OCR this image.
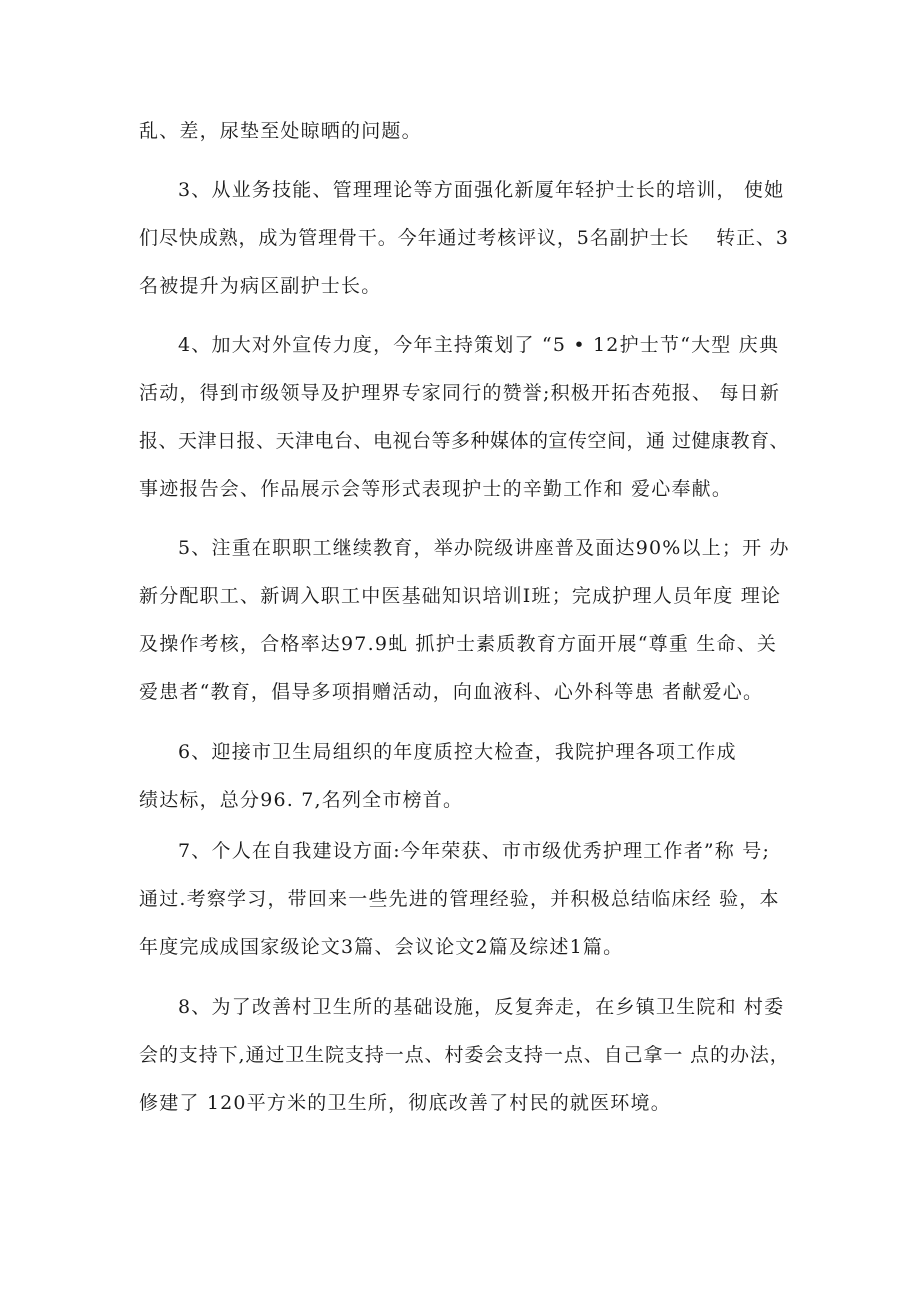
乱、差，尿垫至处晾晒的问题。
3、从业务技能、管理理论等方面强化新厦年轻护士长的培训， 使她
们尽快成熟，成为管理骨干。今年通过考核评议，5名副护士长 　转正、3
名被提升为病区副护士长。
4、加大对外宣传力度，今年主持策划了 “5 • 12护士节“大型 庆典
活动，得到市级领导及护理界专家同行的赞誉;积极开拓杏苑报、 每日新
报、天津日报、天津电台、电视台等多种媒体的宣传空间，通 过健康教育、
事迹报告会、作品展示会等形式表现护士的辛勤工作和 爱心奉献。
5、注重在职职工继续教育，举办院级讲座普及面达90%以上；开 办
新分配职工、新调入职工中医基础知识培训I班；完成护理人员年度 理论
及操作考核，合格率达97.9虬 抓护士素质教育方面开展“尊重 生命、关
爱患者“教育，倡导多项捐赠活动，向血液科、心外科等患 者献爱心。
6、迎接市卫生局组织的年度质控大检查，我院护理各项工作成
绩达标，总分96. 7,名列全市榜首。
7、个人在自我建设方面:今年荣获、市市级优秀护理工作者”称 号;
通过.考察学习，带回来一些先进的管理经验，并积极总结临床经 验，本
年度完成成国家级论文3篇、会议论文2篇及综述1篇。
8、为了改善村卫生所的基础设施，反复奔走，在乡镇卫生院和 村委
会的支持下,通过卫生院支持一点、村委会支持一点、自己拿一 点的办法，
修建了 120平方米的卫生所，彻底改善了村民的就医环境。
